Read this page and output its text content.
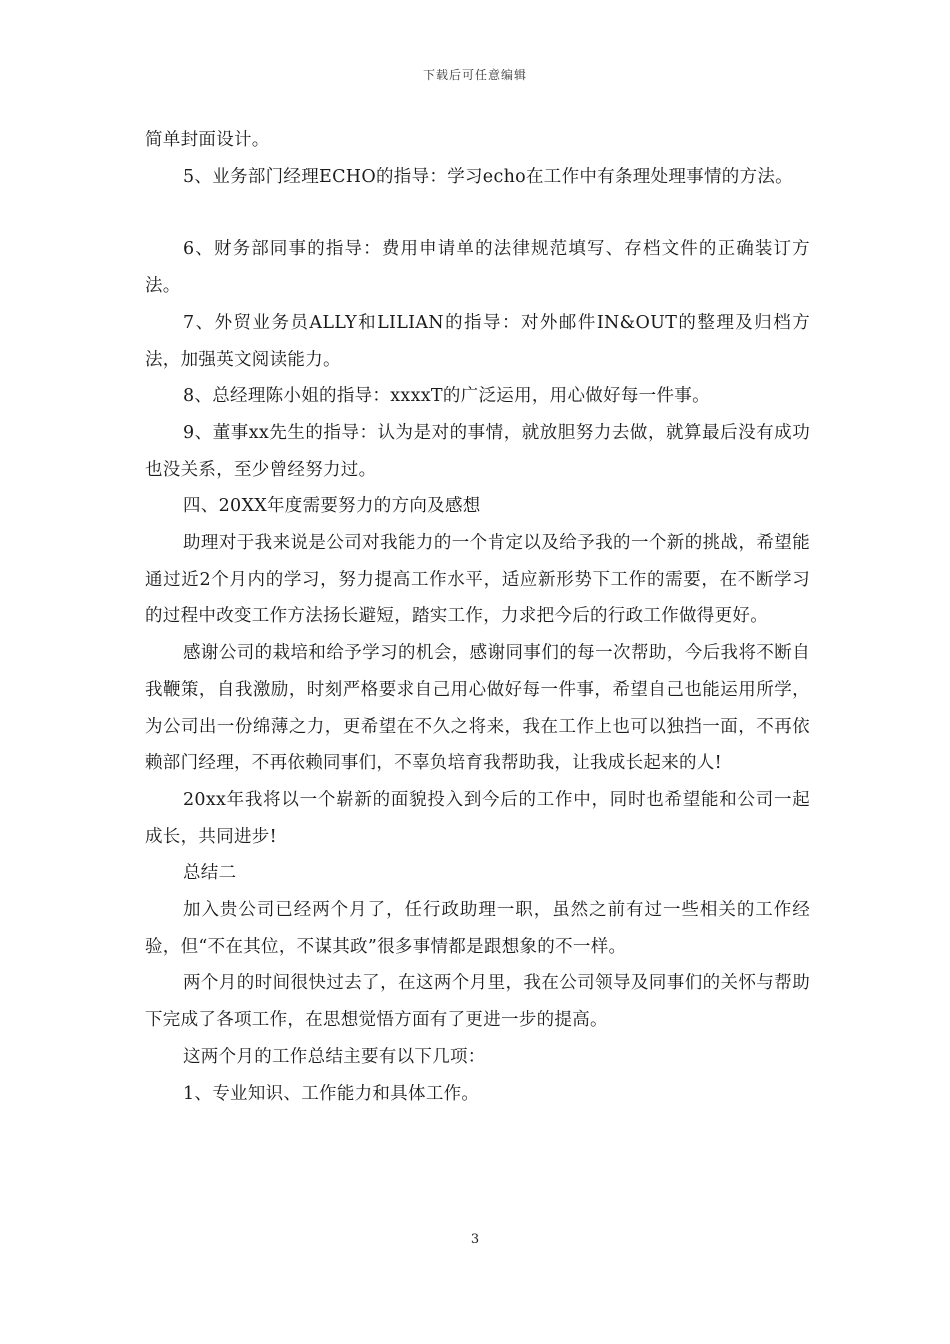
下载后可任意编辑

简单封面设计。

5、业务部门经理ECHO的指导：学习echo在工作中有条理处理事情的方法。

6、财务部同事的指导：费用申请单的法律规范填写、存档文件的正确装订方法。

7、外贸业务员ALLY和LILIAN的指导：对外邮件IN&OUT的整理及归档方法，加强英文阅读能力。

8、总经理陈小姐的指导：xxxxT的广泛运用，用心做好每一件事。

9、董事xx先生的指导：认为是对的事情，就放胆努力去做，就算最后没有成功也没关系，至少曾经努力过。

四、20XX年度需要努力的方向及感想

助理对于我来说是公司对我能力的一个肯定以及给予我的一个新的挑战，希望能通过近2个月内的学习，努力提高工作水平，适应新形势下工作的需要，在不断学习的过程中改变工作方法扬长避短，踏实工作，力求把今后的行政工作做得更好。

感谢公司的栽培和给予学习的机会，感谢同事们的每一次帮助，今后我将不断自我鞭策，自我激励，时刻严格要求自己用心做好每一件事，希望自己也能运用所学，为公司出一份绵薄之力，更希望在不久之将来，我在工作上也可以独挡一面，不再依赖部门经理，不再依赖同事们，不辜负培育我帮助我，让我成长起来的人!

20xx年我将以一个崭新的面貌投入到今后的工作中，同时也希望能和公司一起成长，共同进步!

总结二

加入贵公司已经两个月了，任行政助理一职，虽然之前有过一些相关的工作经验，但“不在其位，不谋其政”很多事情都是跟想象的不一样。

两个月的时间很快过去了，在这两个月里，我在公司领导及同事们的关怀与帮助下完成了各项工作，在思想觉悟方面有了更进一步的提高。

这两个月的工作总结主要有以下几项：

1、专业知识、工作能力和具体工作。

3
